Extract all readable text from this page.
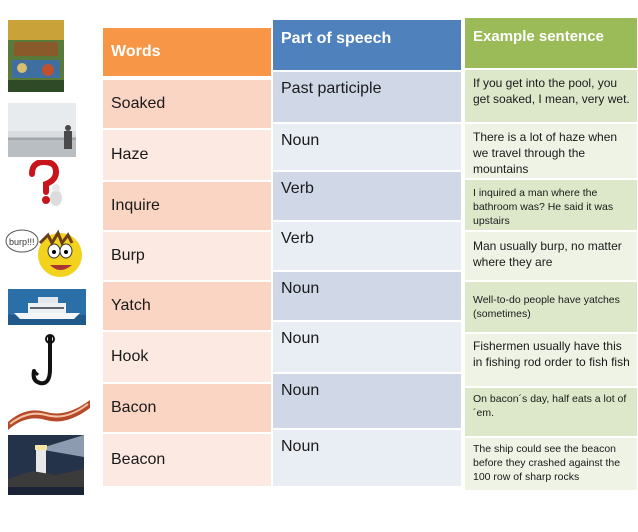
burp!!!
Words
Soaked
Haze
Inquire
Burp
Yatch
Hook
Bacon
Beacon
Part of speech
Past participle
Noun
Verb
Verb
Noun
Noun
Noun
Noun
Example sentence
If you get into the pool, you get soaked, I mean, very wet.
There is a lot of haze when we travel through the mountains
I inquired a man where the bathroom was? He said it was upstairs
Man usually burp, no matter where they are
Well-to-do people have yatches (sometimes)
Fishermen usually have this in fishing rod order to fish fish
On bacon´s day, half eats a lot of ´em.
The ship could see the beacon before they crashed against the 100 row of sharp rocks
